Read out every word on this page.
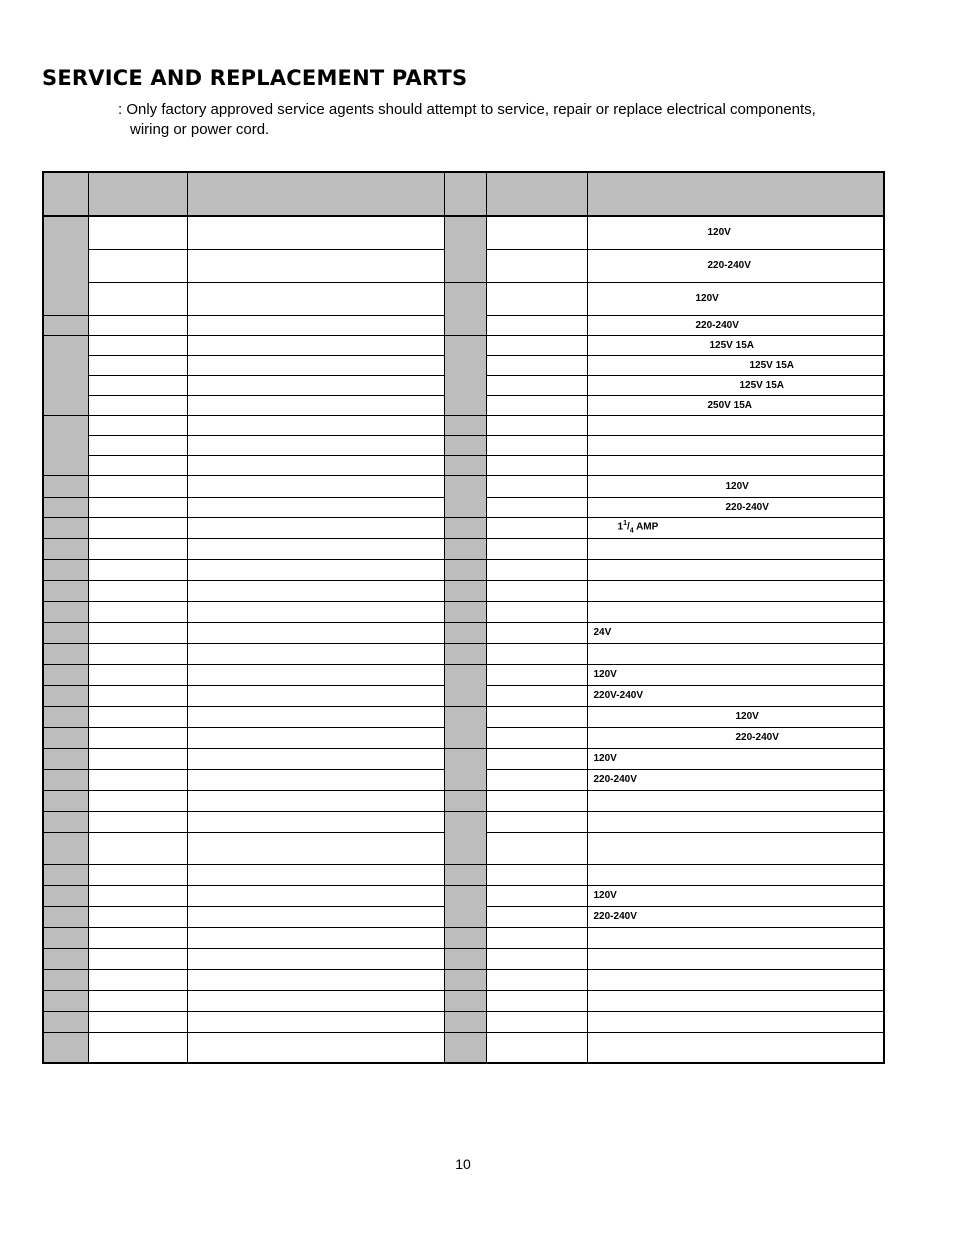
SERVICE AND REPLACEMENT PARTS

: Only factory approved service agents should attempt to service, repair or replace electrical components,

wiring or power cord.

					120V
					220-240V
					120V
					220-240V
					125V 15A
					125V 15A
					125V 15A
					250V 15A

					120V
					220-240V
					$1^1/_4$ AMP

					24V

					120V
					220V-240V
					120V
					220-240V
					120V
					220-240V

					120V
					220-240V

10
